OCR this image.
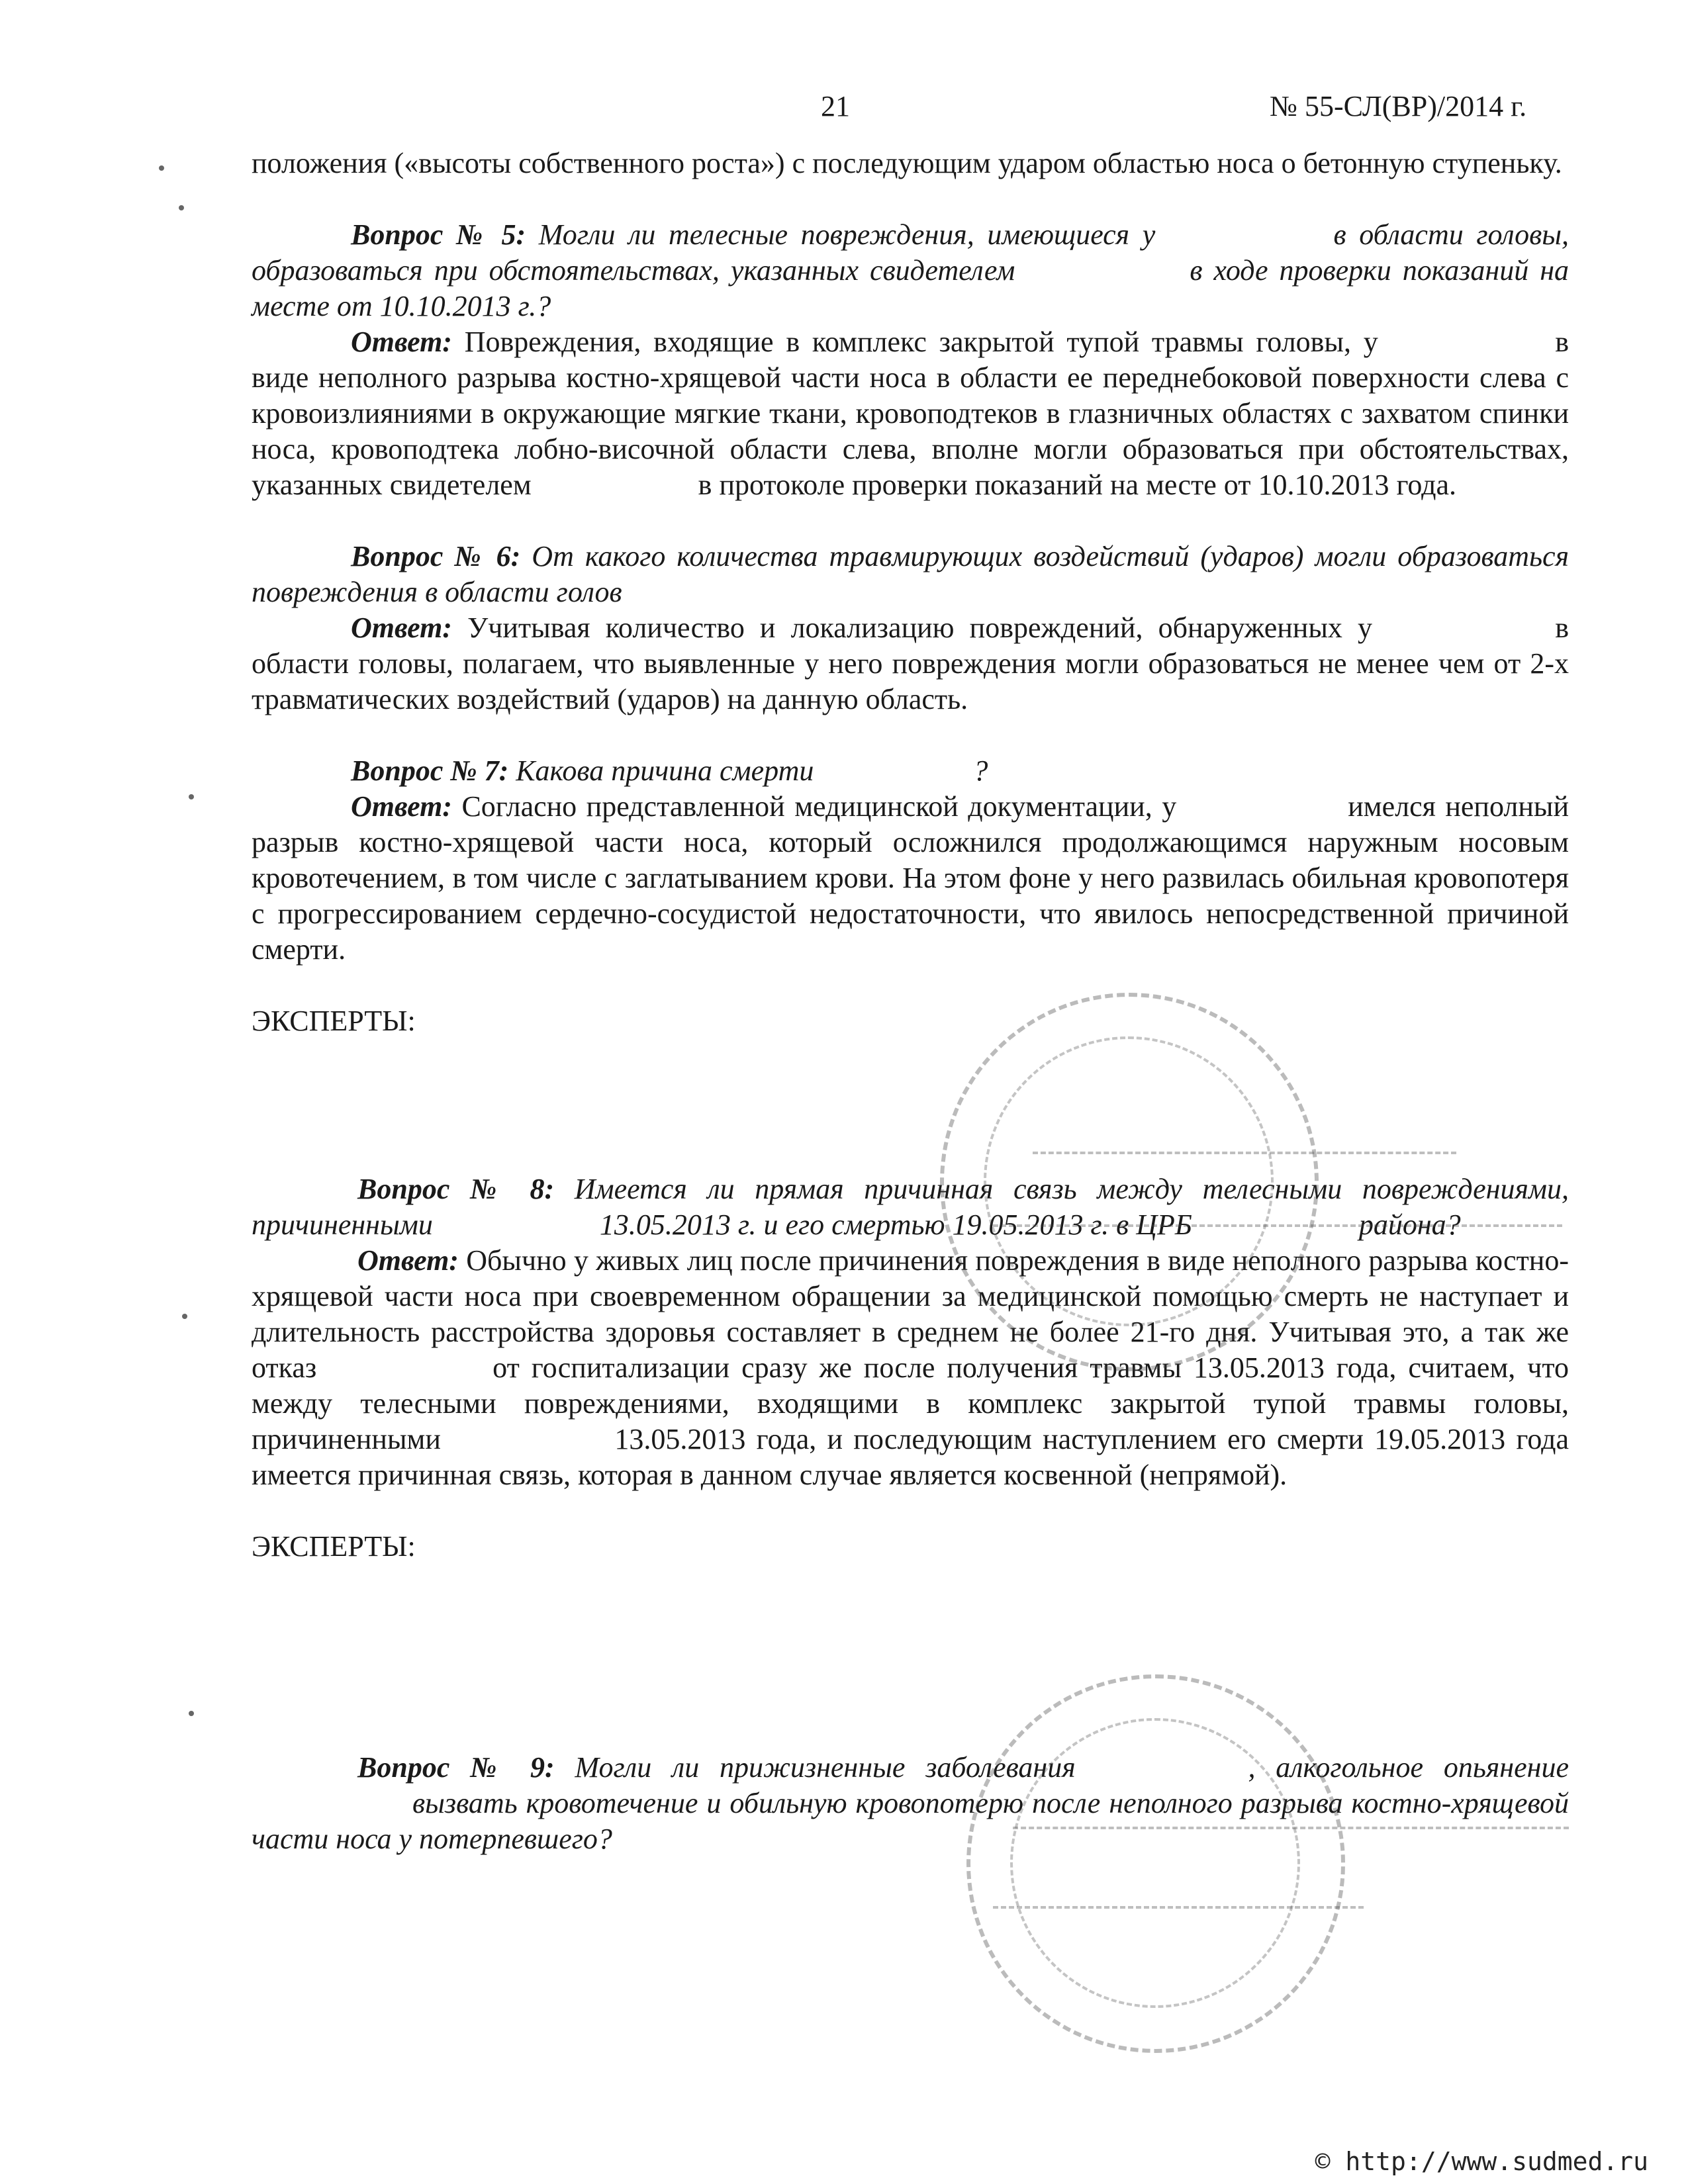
21	№ 55-СЛ(ВР)/2014 г.

положения («высоты собственного роста») с последующим ударом областью носа о бетонную ступеньку.

Вопрос № 5: Могли ли телесные повреждения, имеющиеся у	в области головы, образоваться при обстоятельствах, указанных свидетелем	в ходе проверки показаний на месте от 10.10.2013 г.?

Ответ: Повреждения, входящие в комплекс закрытой тупой травмы головы, у	в виде неполного разрыва костно-хрящевой части носа в области ее переднебоковой поверхности слева с кровоизлияниями в окружающие мягкие ткани, кровоподтеков в глазничных областях с захватом спинки носа, кровоподтека лобно-височной области слева, вполне могли образоваться при обстоятельствах, указанных свидетелем	в протоколе проверки показаний на месте от 10.10.2013 года.

Вопрос № 6: От какого количества травмирующих воздействий (ударов) могли образоваться повреждения в области голов

Ответ: Учитывая количество и локализацию повреждений, обнаруженных у	в области головы, полагаем, что выявленные у него повреждения могли образоваться не менее чем от 2-х травматических воздействий (ударов) на данную область.

Вопрос № 7: Какова причина смерти	?

Ответ: Согласно представленной медицинской документации, у	имелся неполный разрыв костно-хрящевой части носа, который осложнился продолжающимся наружным носовым кровотечением, в том числе с заглатыванием крови. На этом фоне у него развилась обильная кровопотеря с прогрессированием сердечно-сосудистой недостаточности, что явилось непосредственной причиной смерти.

ЭКСПЕРТЫ:

Вопрос № 8: Имеется ли прямая причинная связь между телесными повреждениями, причиненными	13.05.2013 г. и его смертью 19.05.2013 г. в ЦРБ	района?

Ответ: Обычно у живых лиц после причинения повреждения в виде неполного разрыва костно-хрящевой части носа при своевременном обращении за медицинской помощью смерть не наступает и длительность расстройства здоровья составляет в среднем не более 21-го дня. Учитывая это, а так же отказ	от госпитализации сразу же после получения травмы 13.05.2013 года, считаем, что между телесными повреждениями, входящими в комплекс закрытой тупой травмы головы, причиненными	13.05.2013 года, и последующим наступлением его смерти 19.05.2013 года имеется причинная связь, которая в данном случае является косвенной (непрямой).

ЭКСПЕРТЫ:

Вопрос № 9: Могли ли прижизненные заболевания	, алкогольное опьянение  вызвать кровотечение и обильную кровопотерю после неполного разрыва костно-хрящевой части носа у потерпевшего?

© http://www.sudmed.ru
